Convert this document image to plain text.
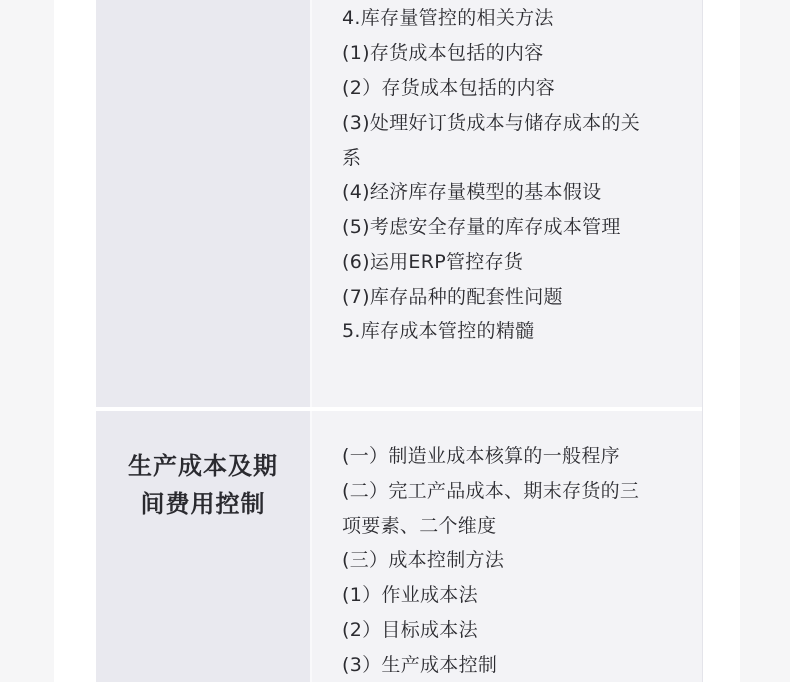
4.库存量管控的相关方法
(1)存货成本包括的内容
(2）存货成本包括的内容
(3)处理好订货成本与储存成本的关
系
(4)经济库存量模型的基本假设
(5)考虑安全存量的库存成本管理
(6)运用ERP管控存货
(7)库存品种的配套性问题
5.库存成本管控的精髓
生产成本及期
间费用控制
(一）制造业成本核算的一般程序
(二）完工产品成本、期末存货的三
项要素、二个维度
(三）成本控制方法
(1）作业成本法
(2）目标成本法
(3）生产成本控制
